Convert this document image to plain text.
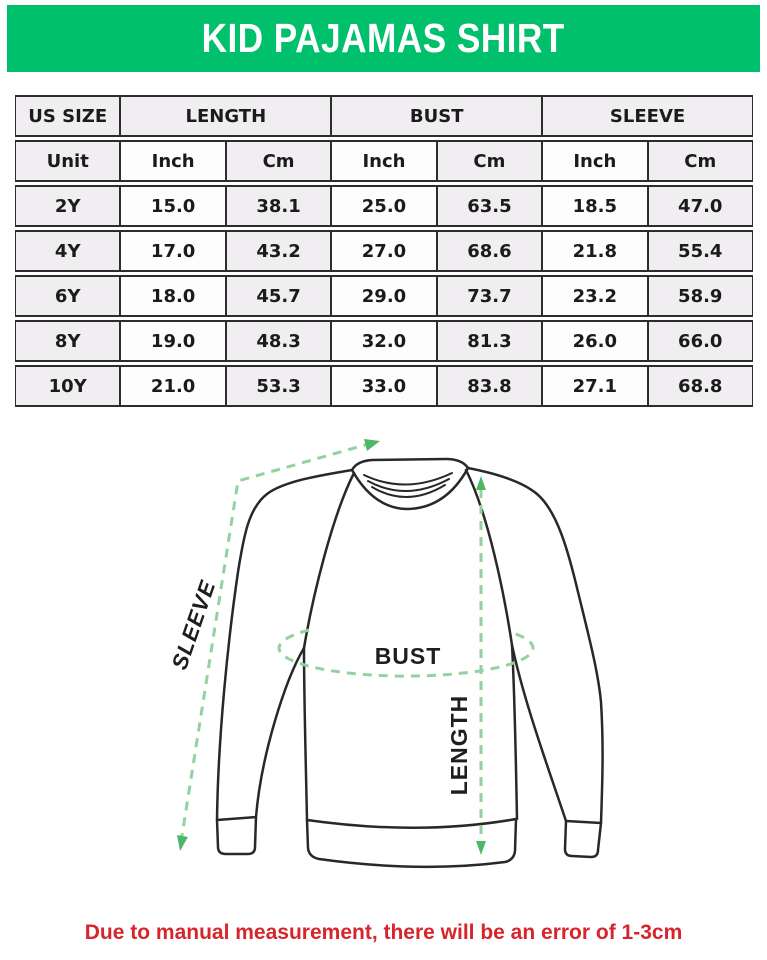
KID PAJAMAS SHIRT
US SIZE	LENGTH		BUST		SLEEVE	
Unit	Inch	Cm	Inch	Cm	Inch	Cm
2Y	15.0	38.1	25.0	63.5	18.5	47.0
4Y	17.0	43.2	27.0	68.6	21.8	55.4
6Y	18.0	45.7	29.0	73.7	23.2	58.9
8Y	19.0	48.3	32.0	81.3	26.0	66.0
10Y	21.0	53.3	33.0	83.8	27.1	68.8
SLEEVE	BUST
LENGTH

Due to manual measurement, there will be an error of 1-3cm
